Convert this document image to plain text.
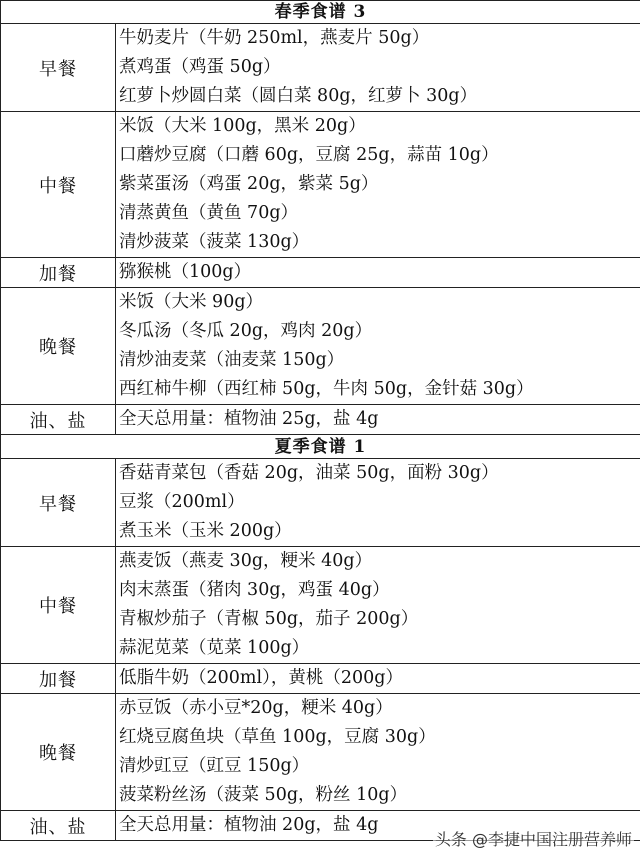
春季食谱 3	
早餐	牛奶麦片（牛奶 250ml，燕麦片 50g）
煮鸡蛋（鸡蛋 50g）
红萝卜炒圆白菜（圆白菜 80g，红萝卜 30g）

中餐	米饭（大米 100g，黑米 20g）
口蘑炒豆腐（口蘑 60g，豆腐 25g，蒜苗 10g）
紫菜蛋汤（鸡蛋 20g，紫菜 5g）
清蒸黄鱼（黄鱼 70g）
清炒菠菜（菠菜 130g）

加餐	猕猴桃（100g）

晚餐	米饭（大米 90g）
冬瓜汤（冬瓜 20g，鸡肉 20g）
清炒油麦菜（油麦菜 150g）
西红柿牛柳（西红柿 50g，牛肉 50g，金针菇 30g）

油、盐	全天总用量：植物油 25g，盐 4g

夏季食谱 1	
早餐	香菇青菜包（香菇 20g，油菜 50g，面粉 30g）
豆浆（200ml）
煮玉米（玉米 200g）

中餐	燕麦饭（燕麦 30g，粳米 40g）
肉末蒸蛋（猪肉 30g，鸡蛋 40g）
青椒炒茄子（青椒 50g，茄子 200g）
蒜泥苋菜（苋菜 100g）

加餐	低脂牛奶（200ml），黄桃（200g）

晚餐	赤豆饭（赤小豆*20g，粳米 40g）
红烧豆腐鱼块（草鱼 100g，豆腐 30g）
清炒豇豆（豇豆 150g）
菠菜粉丝汤（菠菜 50g，粉丝 10g）

油、盐	全天总用量：植物油 20g，盐 4g
头条 @李捷中国注册营养师
